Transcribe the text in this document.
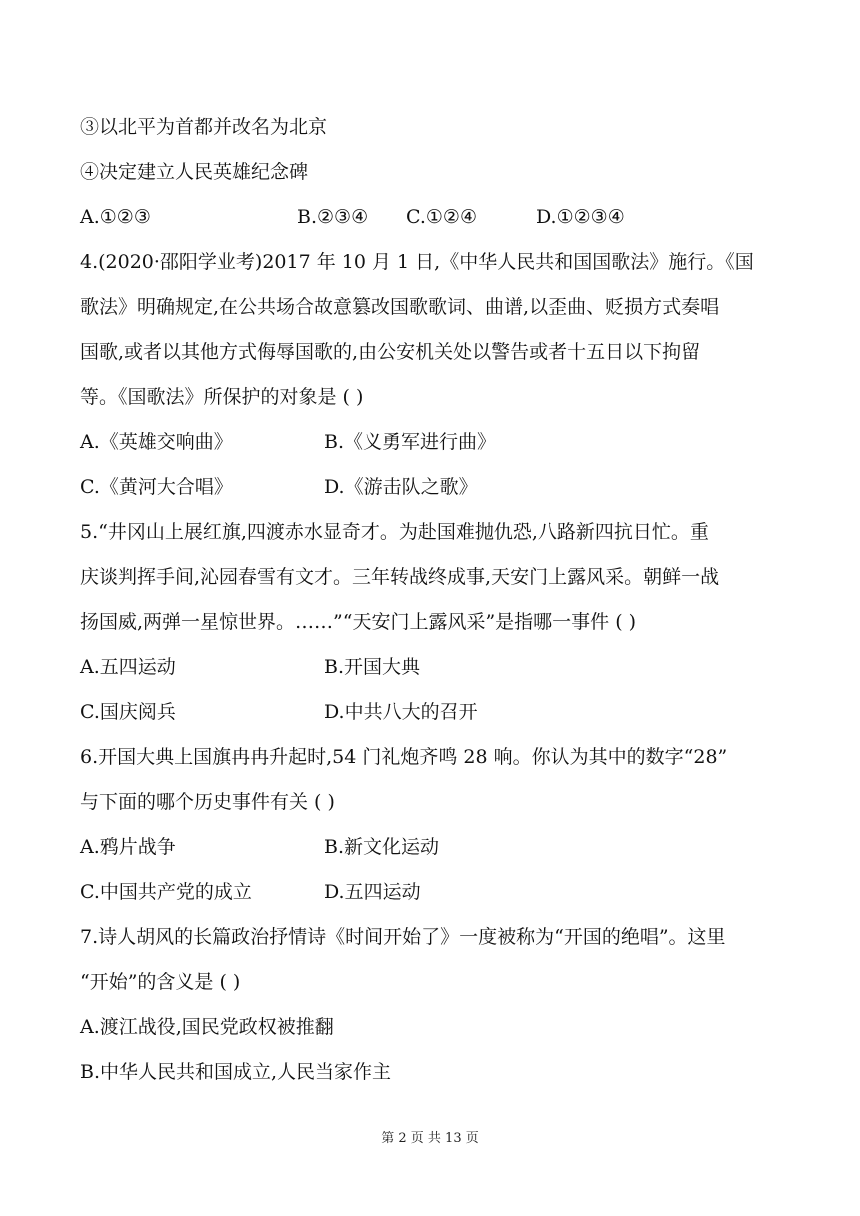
③以北平为首都并改名为北京
④决定建立人民英雄纪念碑
A.①②③	B.②③④ C.①②④	D.①②③④
4.(2020·邵阳学业考)2017 年 10 月 1 日,《中华人民共和国国歌法》施行。《国
歌法》明确规定,在公共场合故意篡改国歌歌词、曲谱,以歪曲、贬损方式奏唱
国歌,或者以其他方式侮辱国歌的,由公安机关处以警告或者十五日以下拘留
等。《国歌法》所保护的对象是 ( )
A.《英雄交响曲》	B.《义勇军进行曲》
C.《黄河大合唱》	D.《游击队之歌》
5.“井冈山上展红旗,四渡赤水显奇才。为赴国难抛仇恐,八路新四抗日忙。重
庆谈判挥手间,沁园春雪有文才。三年转战终成事,天安门上露风采。朝鲜一战
扬国威,两弹一星惊世界。……”“天安门上露风采”是指哪一事件 ( )
A.五四运动	B.开国大典
C.国庆阅兵	D.中共八大的召开
6.开国大典上国旗冉冉升起时,54 门礼炮齐鸣 28 响。你认为其中的数字“28”
与下面的哪个历史事件有关 ( )
A.鸦片战争	B.新文化运动
C.中国共产党的成立	D.五四运动
7.诗人胡风的长篇政治抒情诗《时间开始了》一度被称为“开国的绝唱”。这里
“开始”的含义是 ( )
A.渡江战役,国民党政权被推翻
B.中华人民共和国成立,人民当家作主
第 2 页 共 13 页
